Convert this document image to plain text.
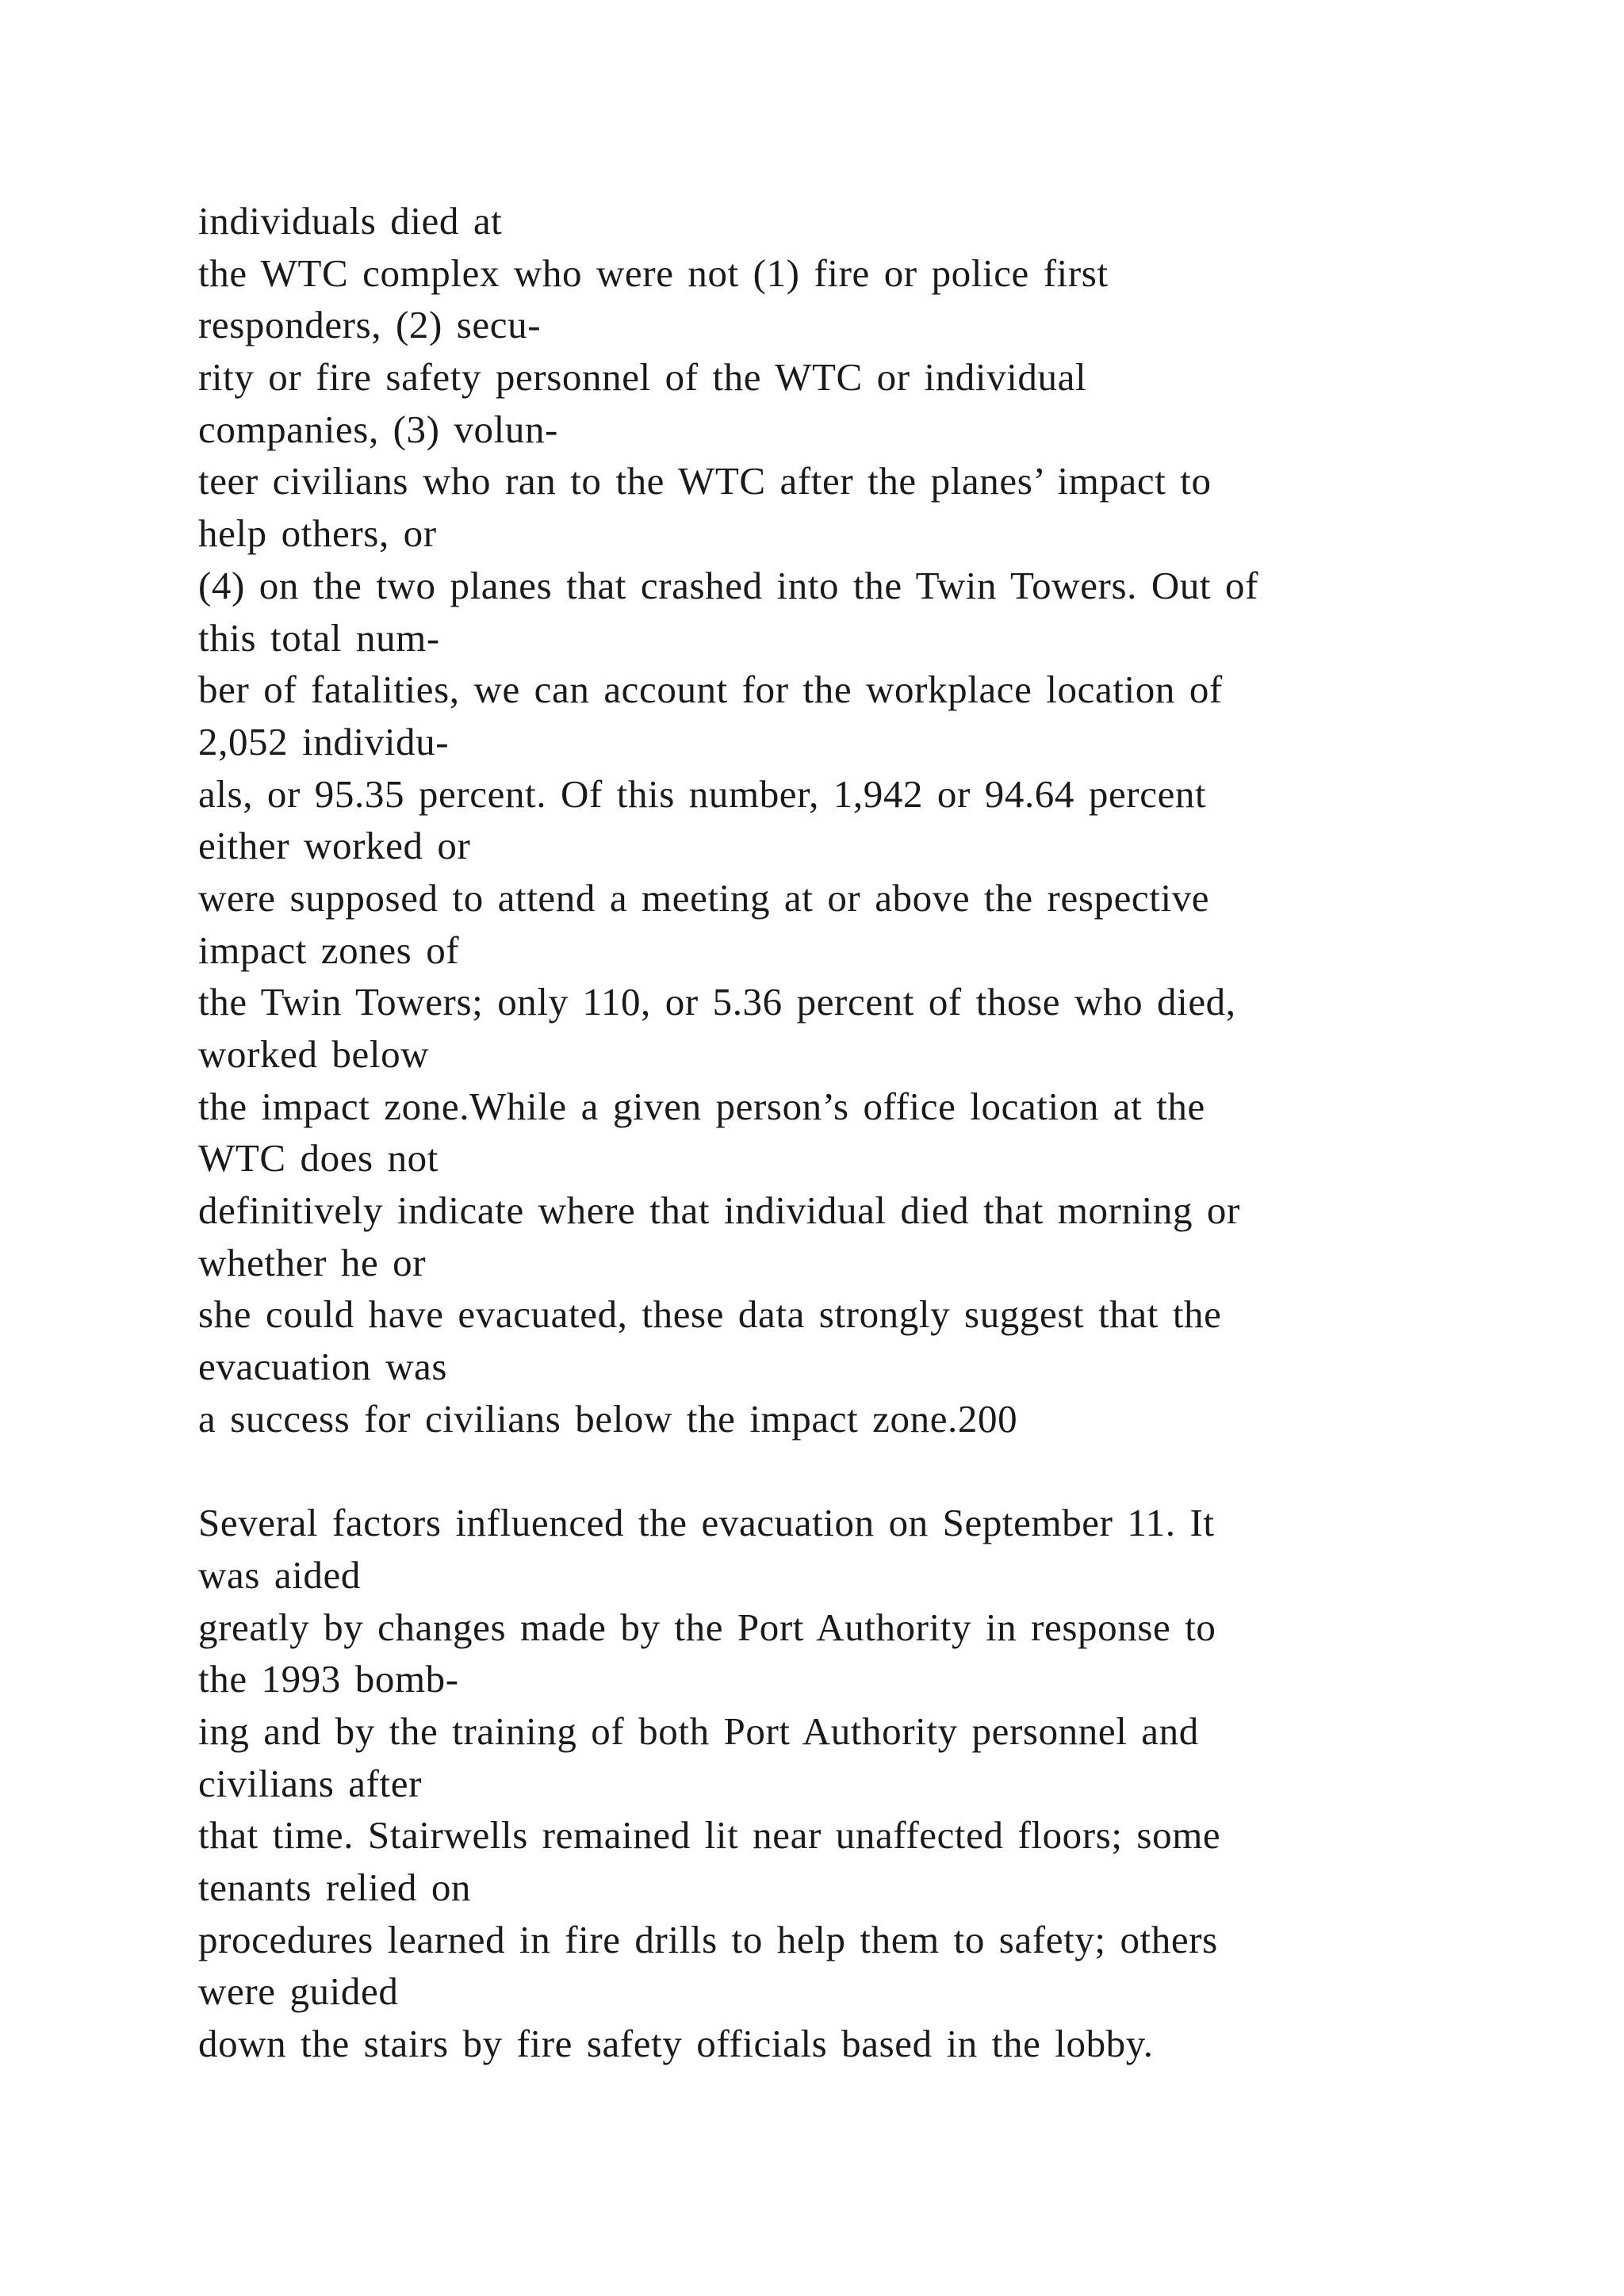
individuals died at
the WTC complex who were not (1) fire or police first
responders, (2) secu-
rity or fire safety personnel of the WTC or individual
companies, (3) volun-
teer civilians who ran to the WTC after the planes’ impact to
help others, or
(4) on the two planes that crashed into the Twin Towers. Out of
this total num-
ber of fatalities, we can account for the workplace location of
2,052 individu-
als, or 95.35 percent. Of this number, 1,942 or 94.64 percent
either worked or
were supposed to attend a meeting at or above the respective
impact zones of
the Twin Towers; only 110, or 5.36 percent of those who died,
worked below
the impact zone.While a given person’s office location at the
WTC does not
definitively indicate where that individual died that morning or
whether he or
she could have evacuated, these data strongly suggest that the
evacuation was
a success for civilians below the impact zone.200
Several factors influenced the evacuation on September 11. It
was aided
greatly by changes made by the Port Authority in response to
the 1993 bomb-
ing and by the training of both Port Authority personnel and
civilians after
that time. Stairwells remained lit near unaffected floors; some
tenants relied on
procedures learned in fire drills to help them to safety; others
were guided
down the stairs by fire safety officials based in the lobby.
